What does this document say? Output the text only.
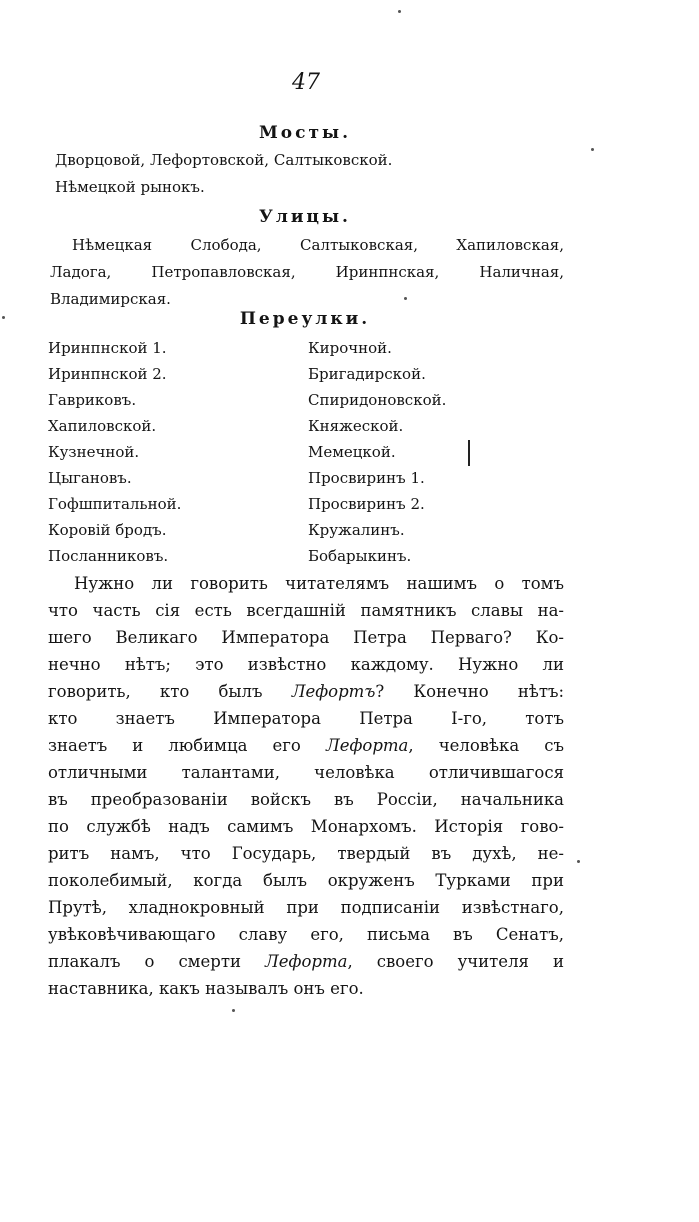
47
Мосты.
Дворцовой, Лефортовской, Салтыковской.
Нѣмецкой рынокъ.
Улицы.
Нѣмецкая Слобода, Салтыковская, Хапиловская,
Ладога, Петропавловская, Иринпнская, Наличная,
Владимирская.
Переулки.
Иринпнской 1.
Иринпнской 2.
Гавриковъ.
Хапиловской.
Кузнечной.
Цыгановъ.
Гофшпитальной.
Коровій бродъ.
Посланниковъ.
Кирочной.
Бригадирской.
Спиридоновской.
Княжеской.
Мемецкой.
Просвиринъ 1.
Просвиринъ 2.
Кружалинъ.
Бобарыкинъ.
Нужно ли говорить читателямъ нашимъ о томъ
что часть сія есть всегдашній памятникъ славы на-
шего Великаго Императора Петра Перваго? Ко-
нечно нѣтъ; это извѣстно каждому. Нужно ли
говорить, кто былъ Лефортъ? Конечно нѣтъ:
кто знаетъ Императора Петра I-го, тотъ
знаетъ и любимца его Лефорта, человѣка съ
отличными талантами, человѣка отличившагося
въ преобразованіи войскъ въ Россіи, начальника
по службѣ надъ самимъ Монархомъ. Исторія гово-
ритъ намъ, что Государь, твердый въ духѣ, не-
поколебимый, когда былъ окруженъ Турками при
Прутѣ, хладнокровный при подписаніи извѣстнаго,
увѣковѣчивающаго славу его, письма въ Сенатъ,
плакалъ о смерти Лефорта, своего учителя и
наставника, какъ называлъ онъ его.
